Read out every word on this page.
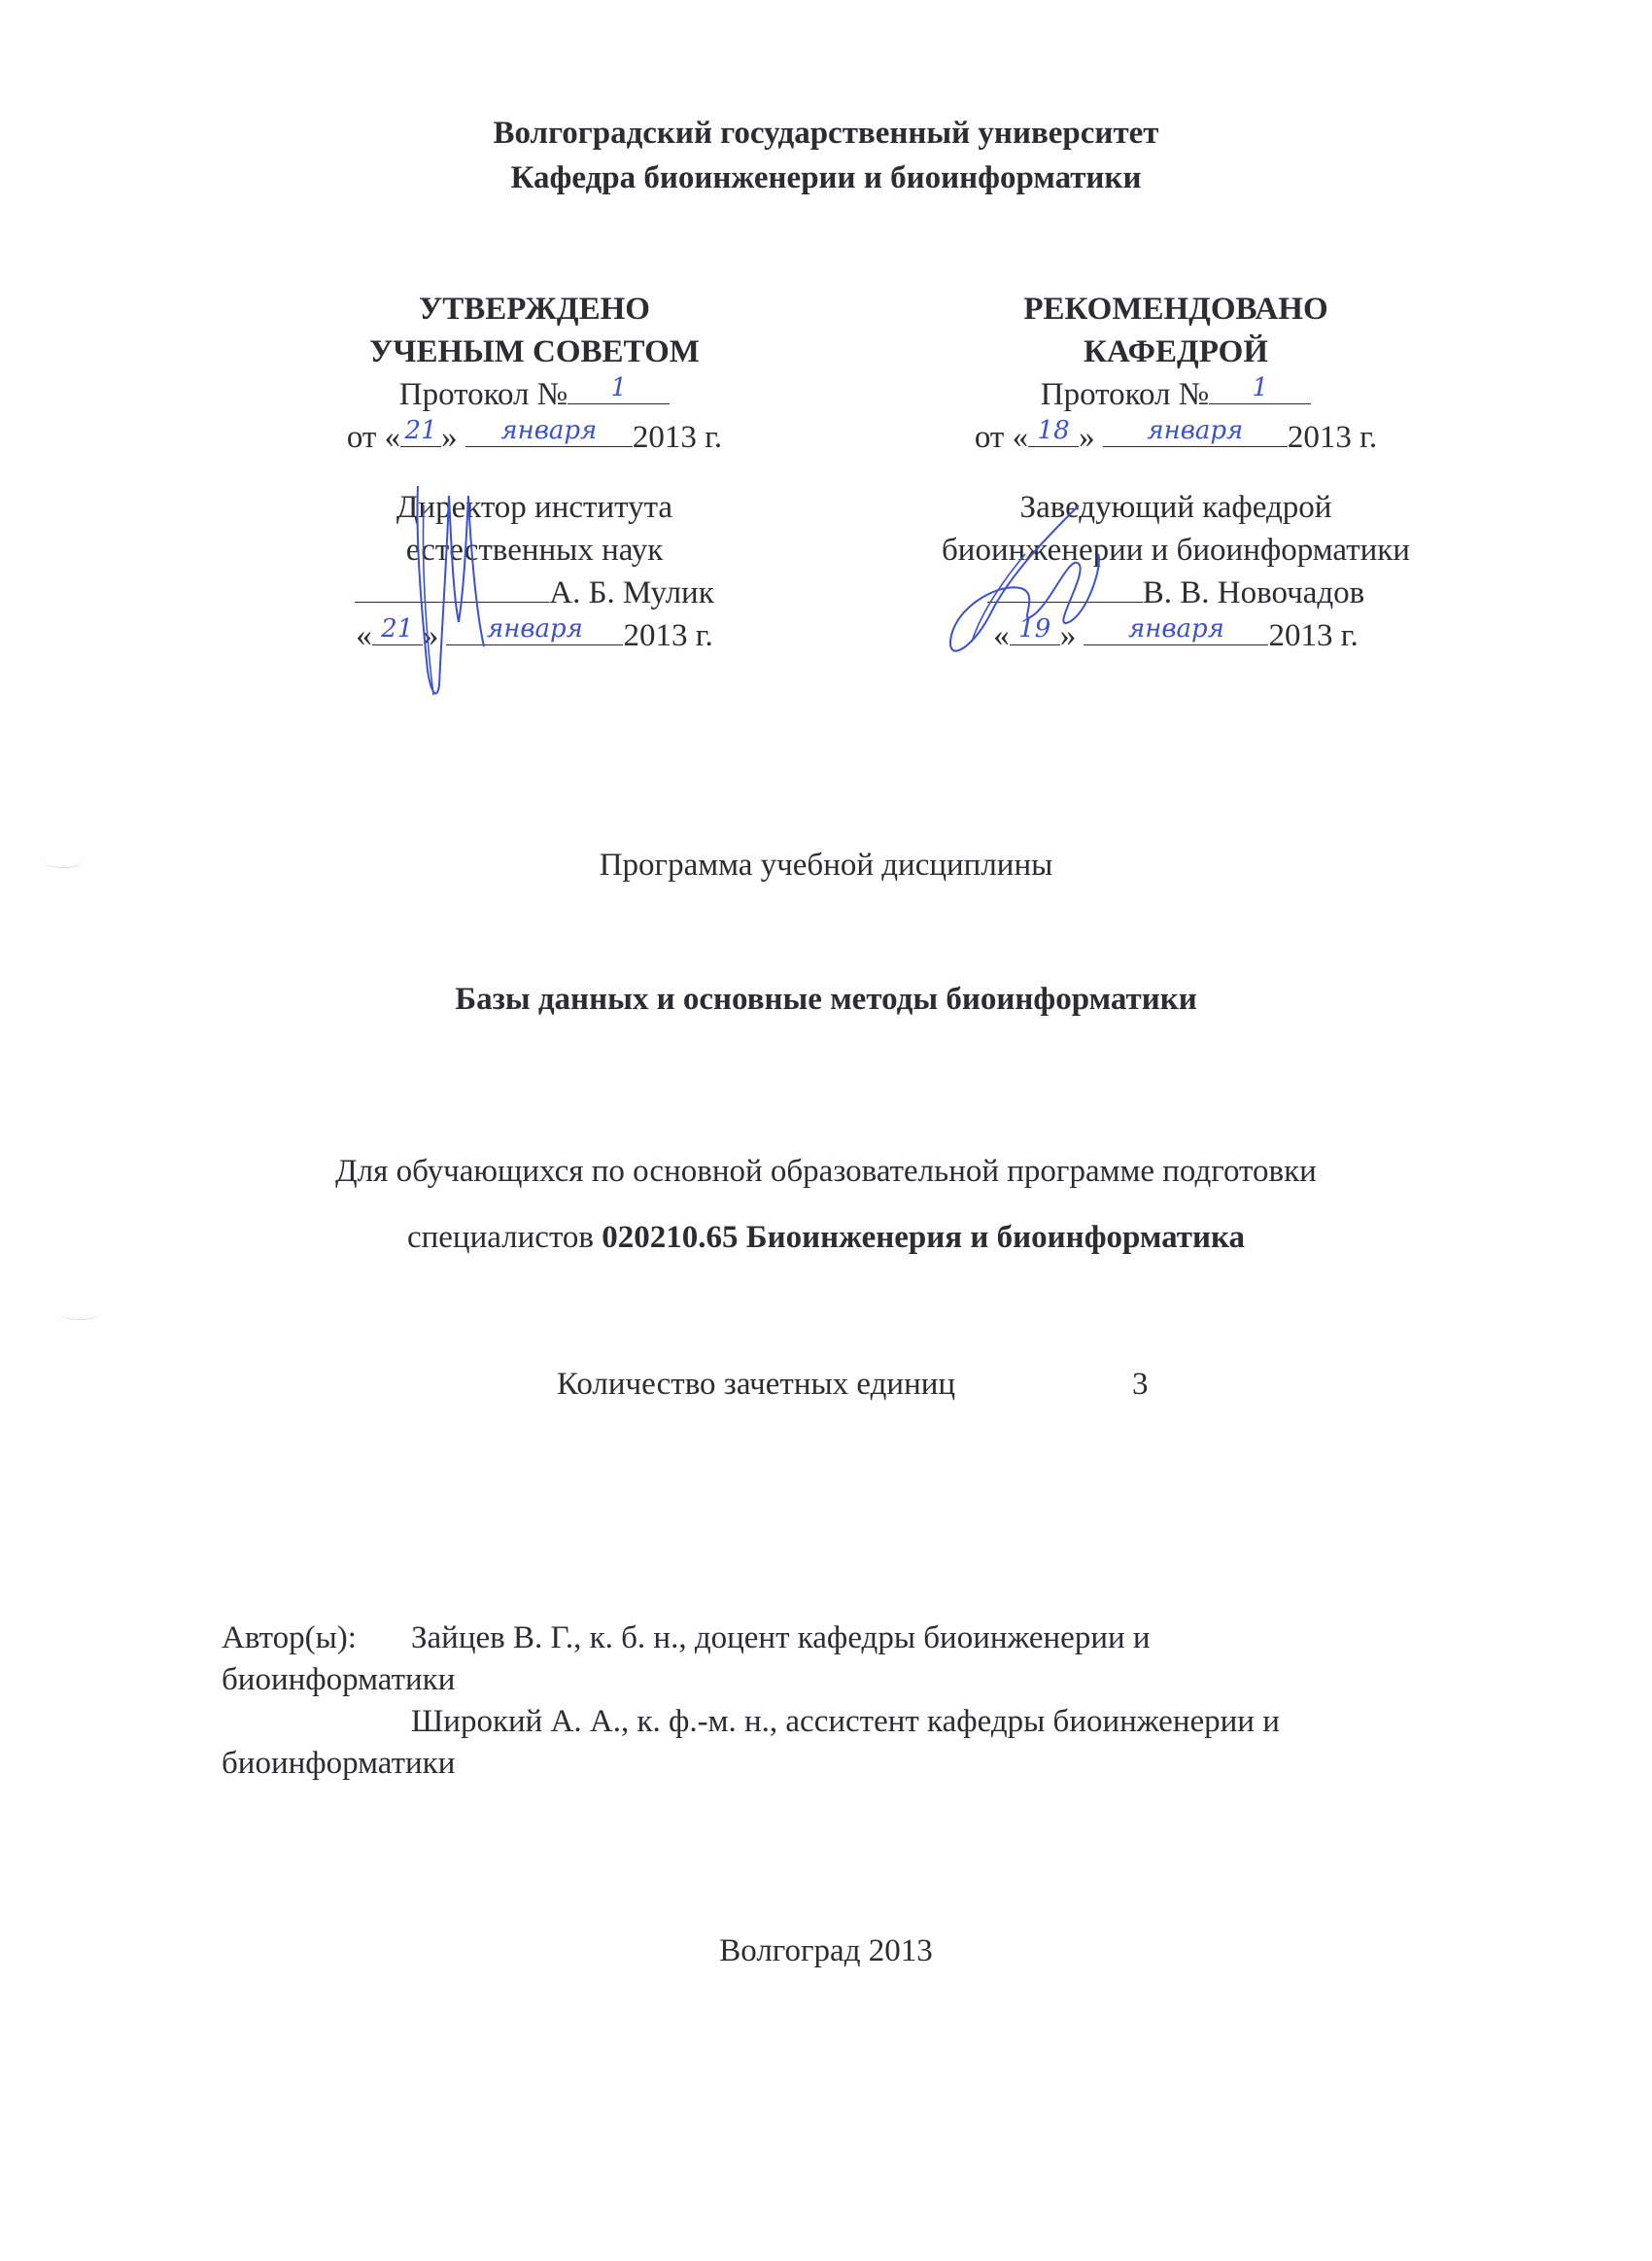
Волгоградский государственный университет
Кафедра биоинженерии и биоинформатики
УТВЕРЖДЕНО
УЧЕНЫМ СОВЕТОМ
Протокол №	1
от « 21 »	января	2013 г.
Директор института
естественных наук
А. Б. Мулик
« 21 »	января	2013 г.
РЕКОМЕНДОВАНО
КАФЕДРОЙ
Протокол №	1
от « 18 »	января	2013 г.
Заведующий кафедрой
биоинженерии и биоинформатики
В. В. Новочадов
« 19 »	января	2013 г.
Программа учебной дисциплины
Базы данных и основные методы биоинформатики
Для обучающихся по основной образовательной программе подготовки
специалистов 020210.65 Биоинженерия и биоинформатика
Количество зачетных единиц	3
Автор(ы): Зайцев В. Г., к. б. н., доцент кафедры биоинженерии и
биоинформатики
Широкий А. А., к. ф.-м. н., ассистент кафедры биоинженерии и
биоинформатики
Волгоград 2013
